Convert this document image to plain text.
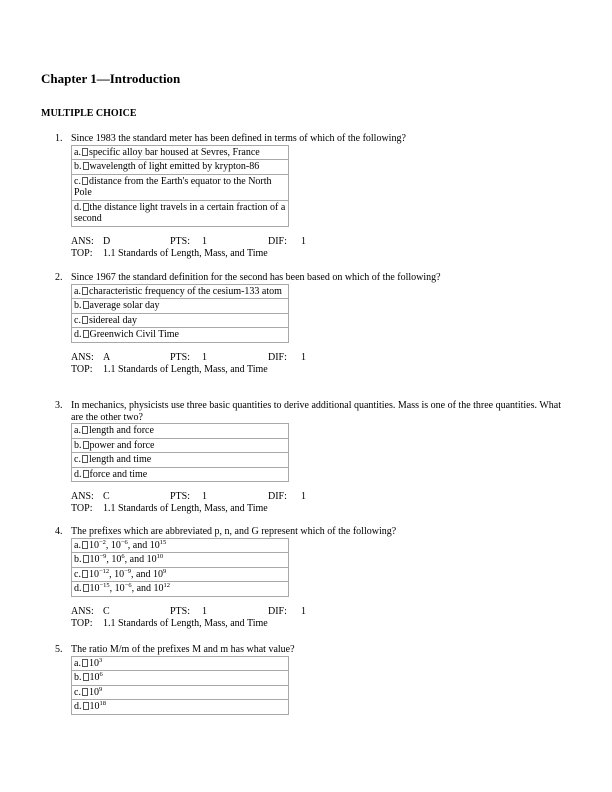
Chapter 1—Introduction
MULTIPLE CHOICE
1. Since 1983 the standard meter has been defined in terms of which of the following?
a. specific alloy bar housed at Sevres, France
b. wavelength of light emitted by krypton-86
c. distance from the Earth's equator to the North Pole
d. the distance light travels in a certain fraction of a second
ANS: D	PTS: 1	DIF: 1
TOP: 1.1 Standards of Length, Mass, and Time
2. Since 1967 the standard definition for the second has been based on which of the following?
a. characteristic frequency of the cesium-133 atom
b. average solar day
c. sidereal day
d. Greenwich Civil Time
ANS: A	PTS: 1	DIF: 1
TOP: 1.1 Standards of Length, Mass, and Time
3. In mechanics, physicists use three basic quantities to derive additional quantities. Mass is one of the three quantities. What are the other two?
a. length and force
b. power and force
c. length and time
d. force and time
ANS: C	PTS: 1	DIF: 1
TOP: 1.1 Standards of Length, Mass, and Time
4. The prefixes which are abbreviated p, n, and G represent which of the following?
a. $10^{-2}$, $10^{-6}$, and $10^{15}$
b. $10^{-9}$, $10^6$, and $10^{10}$
c. $10^{-12}$, $10^{-9}$, and $10^9$
d. $10^{-15}$, $10^{-6}$, and $10^{12}$
ANS: C	PTS: 1	DIF: 1
TOP: 1.1 Standards of Length, Mass, and Time
5. The ratio M/m of the prefixes M and m has what value?
a. $10^3$
b. $10^6$
c. $10^9$
d. $10^{18}$
